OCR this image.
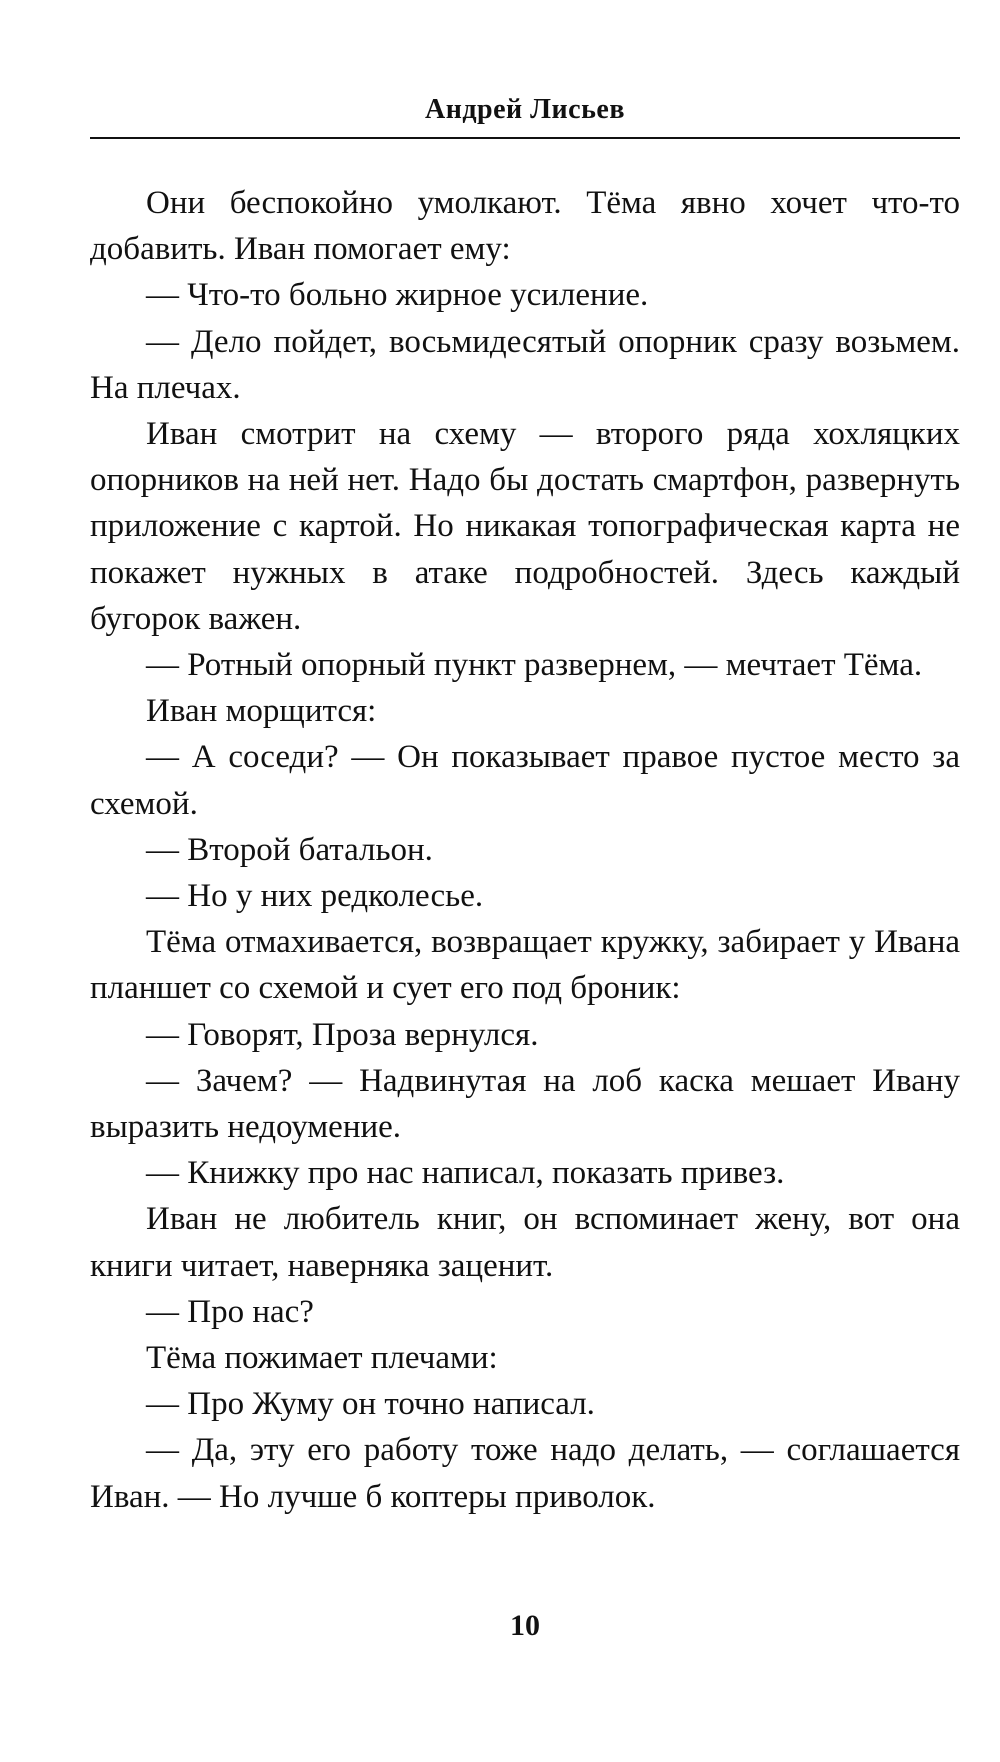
Андрей Лисьев

Они беспокойно умолкают. Тёма явно хочет что-то добавить. Иван помогает ему:

— Что-то больно жирное усиление.

— Дело пойдет, восьмидесятый опорник сразу возьмем. На плечах.

Иван смотрит на схему — второго ряда хохляцких опорников на ней нет. Надо бы достать смартфон, развернуть приложение с картой. Но никакая топографическая карта не покажет нужных в атаке подробностей. Здесь каждый бугорок важен.

— Ротный опорный пункт развернем, — мечтает Тёма.

Иван морщится:

— А соседи? — Он показывает правое пустое место за схемой.

— Второй батальон.

— Но у них редколесье.

Тёма отмахивается, возвращает кружку, забирает у Ивана планшет со схемой и сует его под броник:

— Говорят, Проза вернулся.

— Зачем? — Надвинутая на лоб каска мешает Ивану выразить недоумение.

— Книжку про нас написал, показать привез.

Иван не любитель книг, он вспоминает жену, вот она книги читает, наверняка заценит.

— Про нас?

Тёма пожимает плечами:

— Про Жуму он точно написал.

— Да, эту его работу тоже надо делать, — соглашается Иван. — Но лучше б коптеры приволок.

10
